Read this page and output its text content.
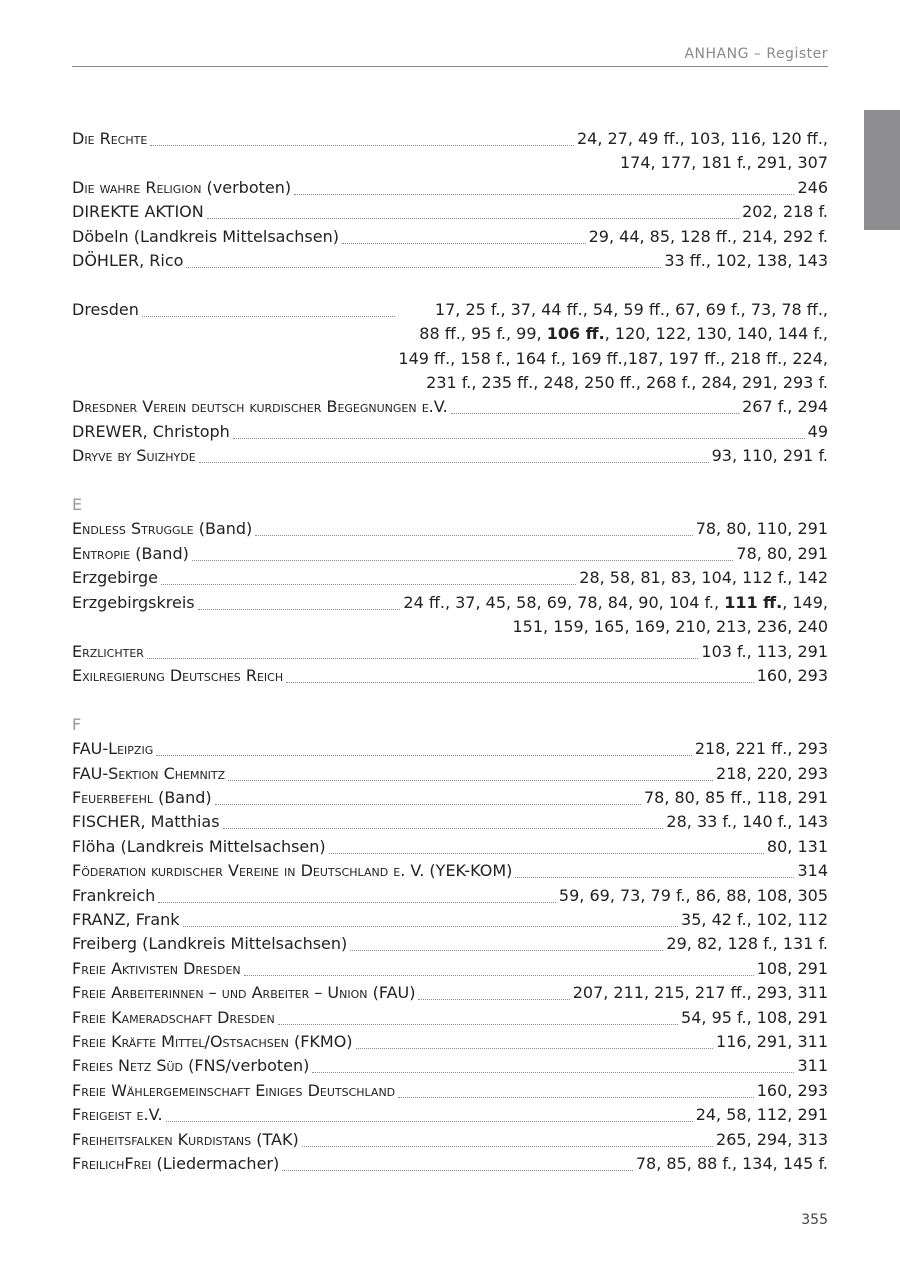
ANHANG – Register
Die Rechte	24, 27, 49 ff., 103, 116, 120 ff.,
174, 177, 181 f., 291, 307
Die wahre Religion (verboten)	246
DIREKTE AKTION	202, 218 f.
Döbeln (Landkreis Mittelsachsen)	29, 44, 85, 128 ff., 214, 292 f.
DÖHLER, Rico	33 ff., 102, 138, 143
Dresden	17, 25 f., 37, 44 ff., 54, 59 ff., 67, 69 f., 73, 78 ff.,
88 ff., 95 f., 99, 106 ff., 120, 122, 130, 140, 144 f.,
149 ff., 158 f., 164 f., 169 ff.,187, 197 ff., 218 ff., 224,
231 f., 235 ff., 248, 250 ff., 268 f., 284, 291, 293 f.
Dresdner Verein deutsch kurdischer Begegnungen e.V.	267 f., 294
DREWER, Christoph	49
Dryve by Suizhyde	93, 110, 291 f.
E
Endless Struggle (Band)	78, 80, 110, 291
Entropie (Band)	78, 80, 291
Erzgebirge	28, 58, 81, 83, 104, 112 f., 142
Erzgebirgskreis	24 ff., 37, 45, 58, 69, 78, 84, 90, 104 f., 111 ff., 149,
151, 159, 165, 169, 210, 213, 236, 240
Erzlichter	103 f., 113, 291
Exilregierung Deutsches Reich	160, 293
F
FAU-Leipzig	218, 221 ff., 293
FAU-Sektion Chemnitz	218, 220, 293
Feuerbefehl (Band)	78, 80, 85 ff., 118, 291
FISCHER, Matthias	28, 33 f., 140 f., 143
Flöha (Landkreis Mittelsachsen)	80, 131
Föderation kurdischer Vereine in Deutschland e. V. (YEK-KOM)	314
Frankreich	59, 69, 73, 79 f., 86, 88, 108, 305
FRANZ, Frank	35, 42 f., 102, 112
Freiberg (Landkreis Mittelsachsen)	29, 82, 128 f., 131 f.
Freie Aktivisten Dresden	108, 291
Freie Arbeiterinnen – und Arbeiter – Union (FAU)	207, 211, 215, 217 ff., 293, 311
Freie Kameradschaft Dresden	54, 95 f., 108, 291
Freie Kräfte Mittel/Ostsachsen (FKMO)	116, 291, 311
Freies Netz Süd (FNS/verboten)	311
Freie Wählergemeinschaft Einiges Deutschland	160, 293
Freigeist e.V.	24, 58, 112, 291
Freiheitsfalken Kurdistans (TAK)	265, 294, 313
FreilichFrei (Liedermacher)	78, 85, 88 f., 134, 145 f.
355
